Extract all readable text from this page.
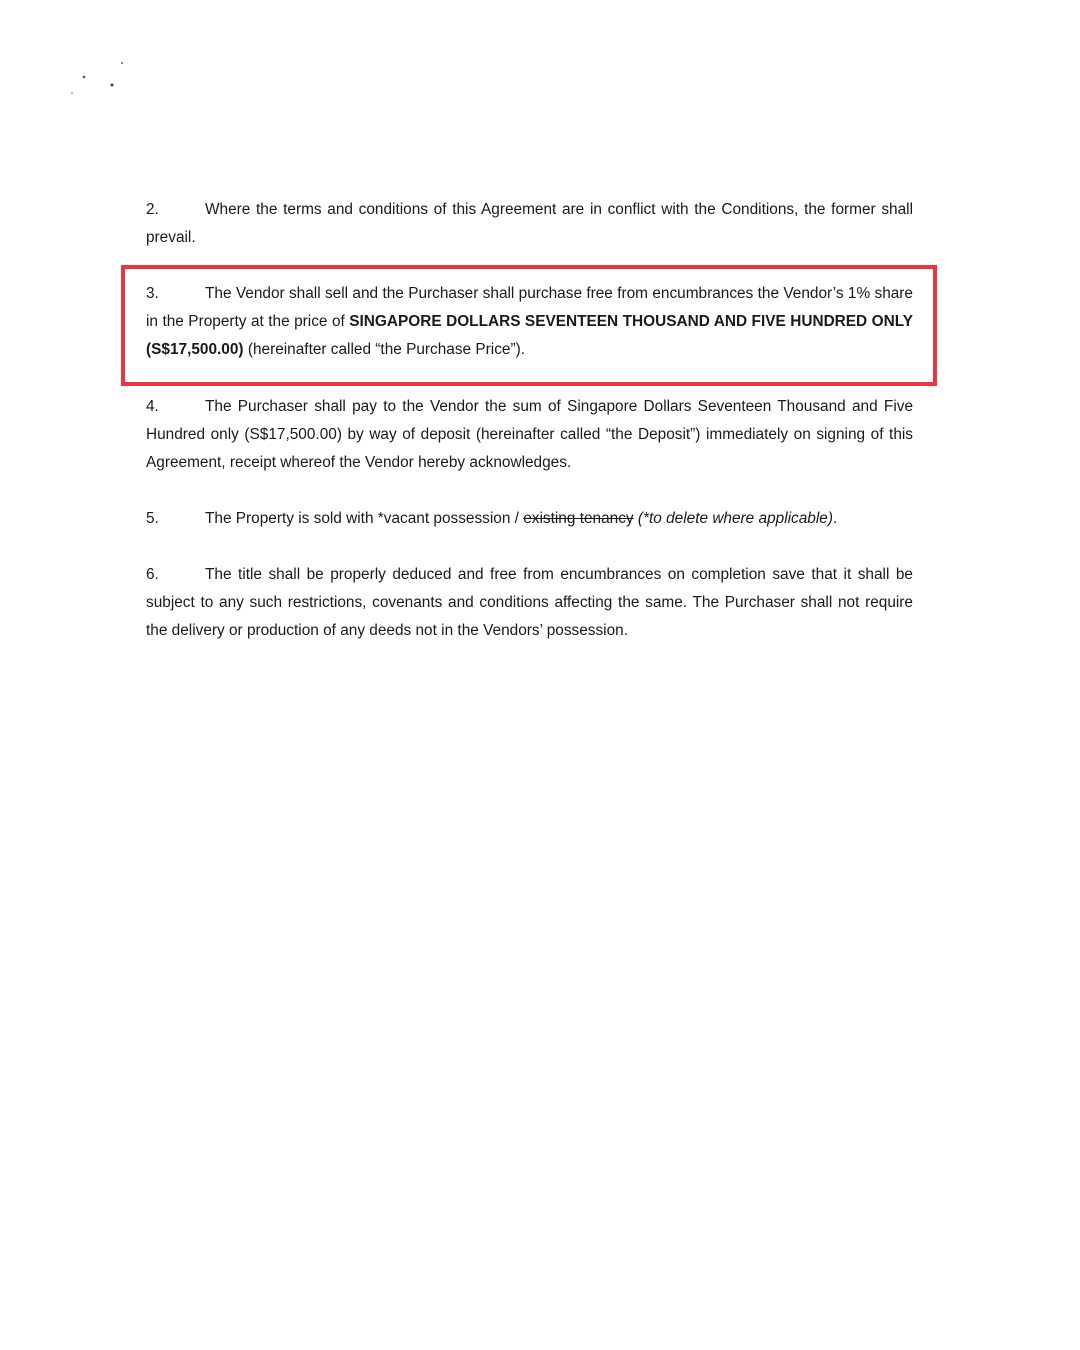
2.	Where the terms and conditions of this Agreement are in conflict with the Conditions, the former shall prevail.

3.	The Vendor shall sell and the Purchaser shall purchase free from encumbrances the Vendor’s 1% share in the Property at the price of SINGAPORE DOLLARS SEVENTEEN THOUSAND AND FIVE HUNDRED ONLY (S$17,500.00) (hereinafter called “the Purchase Price”).

4.	The Purchaser shall pay to the Vendor the sum of Singapore Dollars Seventeen Thousand and Five Hundred only (S$17,500.00) by way of deposit (hereinafter called “the Deposit”) immediately on signing of this Agreement, receipt whereof the Vendor hereby acknowledges.

5.	The Property is sold with *vacant possession / existing tenancy (*to delete where applicable).

6.	The title shall be properly deduced and free from encumbrances on completion save that it shall be subject to any such restrictions, covenants and conditions affecting the same. The Purchaser shall not require the delivery or production of any deeds not in the Vendors’ possession.
